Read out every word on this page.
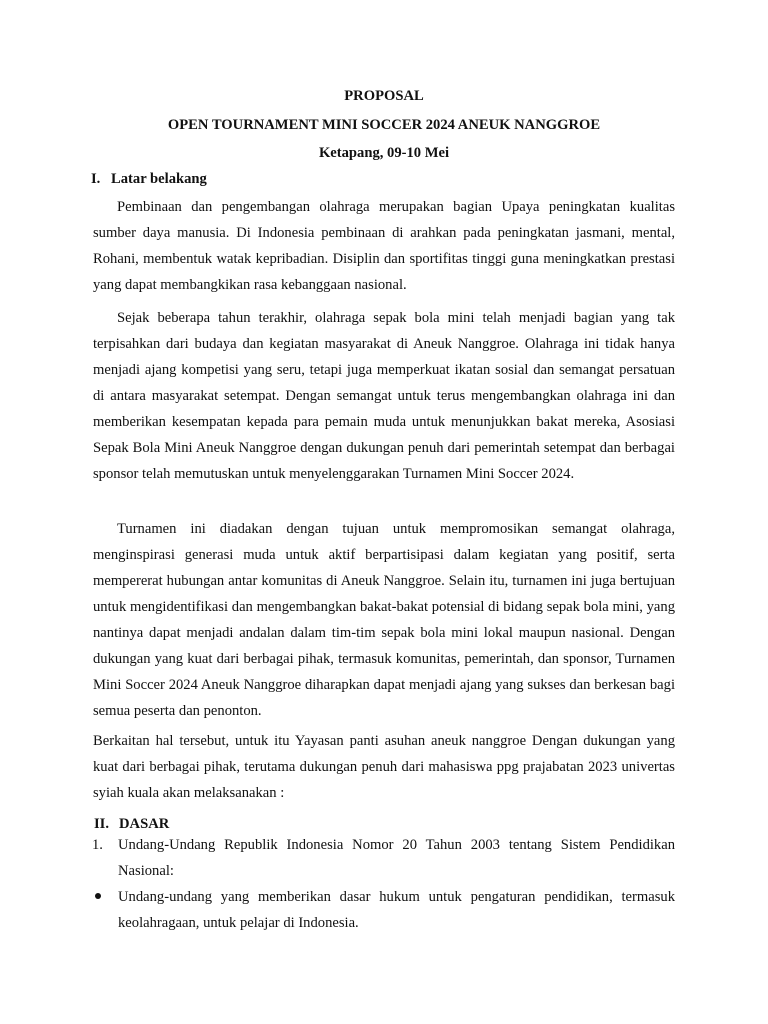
PROPOSAL
OPEN TOURNAMENT MINI SOCCER 2024 ANEUK NANGGROE
Ketapang, 09-10 Mei
I. Latar belakang

Pembinaan dan pengembangan olahraga merupakan bagian Upaya peningkatan kualitas sumber daya manusia. Di Indonesia pembinaan di arahkan pada peningkatan jasmani, mental, Rohani, membentuk watak kepribadian. Disiplin dan sportifitas tinggi guna meningkatkan prestasi yang dapat membangkikan rasa kebanggaan nasional.

Sejak beberapa tahun terakhir, olahraga sepak bola mini telah menjadi bagian yang tak terpisahkan dari budaya dan kegiatan masyarakat di Aneuk Nanggroe. Olahraga ini tidak hanya menjadi ajang kompetisi yang seru, tetapi juga memperkuat ikatan sosial dan semangat persatuan di antara masyarakat setempat. Dengan semangat untuk terus mengembangkan olahraga ini dan memberikan kesempatan kepada para pemain muda untuk menunjukkan bakat mereka, Asosiasi Sepak Bola Mini Aneuk Nanggroe dengan dukungan penuh dari pemerintah setempat dan berbagai sponsor telah memutuskan untuk menyelenggarakan Turnamen Mini Soccer 2024.

Turnamen ini diadakan dengan tujuan untuk mempromosikan semangat olahraga, menginspirasi generasi muda untuk aktif berpartisipasi dalam kegiatan yang positif, serta mempererat hubungan antar komunitas di Aneuk Nanggroe. Selain itu, turnamen ini juga bertujuan untuk mengidentifikasi dan mengembangkan bakat-bakat potensial di bidang sepak bola mini, yang nantinya dapat menjadi andalan dalam tim-tim sepak bola mini lokal maupun nasional. Dengan dukungan yang kuat dari berbagai pihak, termasuk komunitas, pemerintah, dan sponsor, Turnamen Mini Soccer 2024 Aneuk Nanggroe diharapkan dapat menjadi ajang yang sukses dan berkesan bagi semua peserta dan penonton.

Berkaitan hal tersebut, untuk itu Yayasan panti asuhan aneuk nanggroe Dengan dukungan yang kuat dari berbagai pihak, terutama dukungan penuh dari mahasiswa ppg prajabatan 2023 univertas syiah kuala akan melaksanakan :

II. DASAR
1. Undang-Undang Republik Indonesia Nomor 20 Tahun 2003 tentang Sistem Pendidikan Nasional:
Undang-undang yang memberikan dasar hukum untuk pengaturan pendidikan, termasuk keolahragaan, untuk pelajar di Indonesia.
